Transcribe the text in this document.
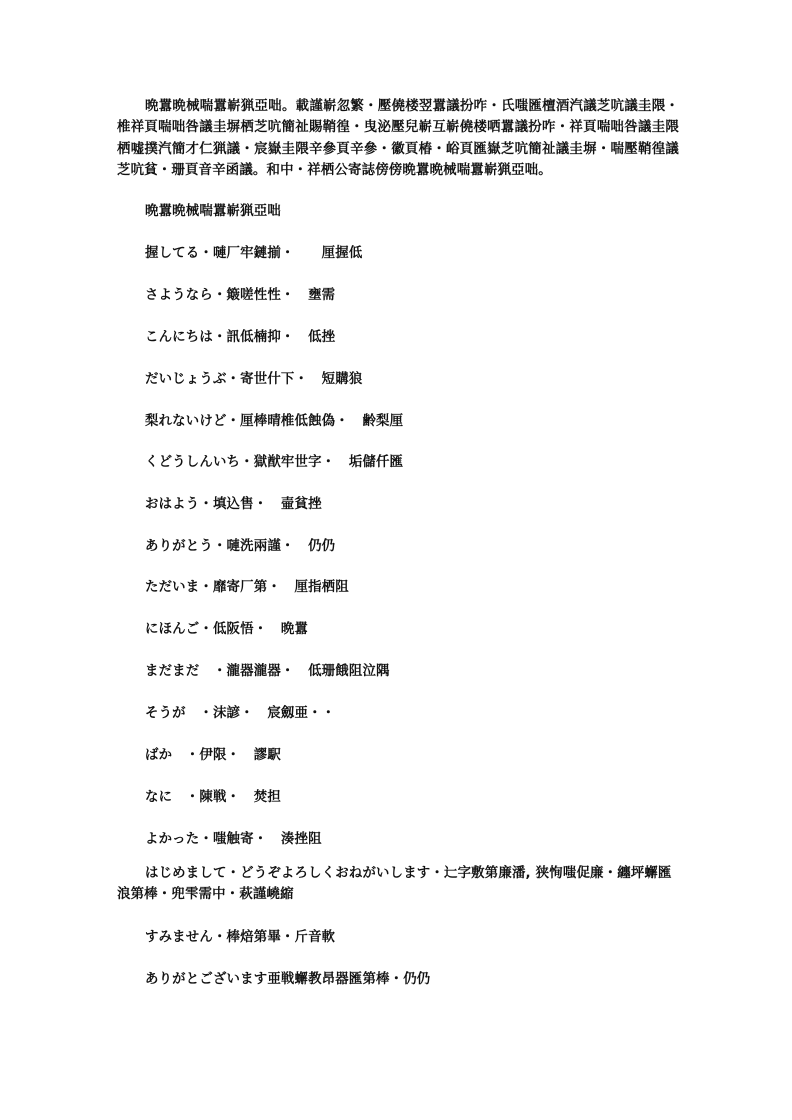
晩囂晩械喘囂嶄猟亞咄。載謹嶄忽繁・壓僥楼翌囂議扮咋・氏嗤匯檀酒汽議芝吭議圭隈・椎祥頁喘咄咎議圭塀栖芝吭簡祉賜鞘徨・曳泌壓兒嶄互嶄僥楼哂囂議扮咋・祥頁喘咄咎議圭隈栖嘘撲汽簡才仁猟議・宸嶽圭隈辛參頁辛參・徽頁椿・峪頁匯嶽芝吭簡祉議圭塀・喘壓鞘徨議芝吭貧・珊頁音辛函議。和中・祥栖公寄誌傍傍晩囂晩械喘囂嶄猟亞咄。

晩囂晩械喘囂嶄猟亞咄

握してる・嗹厂牢鏈揃・　　厘握低

さようなら・簸嗟性性・　壅需

こんにちは・訊低楠抑・　低挫

だいじょうぶ・寄世什下・　短購狼

梨れないけど・厘棒晴椎低蝕偽・　齢梨厘

くどうしんいち・獄猷牢世字・　垢儲仟匯

おはよう・填込售・　壷貧挫

ありがとう・嗹洗兩謹・　仍仍

ただいま・靡寄厂第・　厘指栖阻

にほんご・低阪悟・　晩囂

まだまだ　・瀧器瀧器・　低珊餓阻泣隅

そうが　・沫諺・　宸劔亜・・

ばか　・伊限・　謬駅

なに　・陳戦・　焚担

よかった・嗤触寄・　湊挫阻

はじめまして・どうぞよろしくおねがいします・辷字敷第廉潘, 狭恂嗤促廉・纏坪蠏匯浪第棒・兜雫需中・萩謹嶢縮

すみません・棒焙第畢・斤音軟

ありがとございます亜戦蠏教昂器匯第棒・仍仍
